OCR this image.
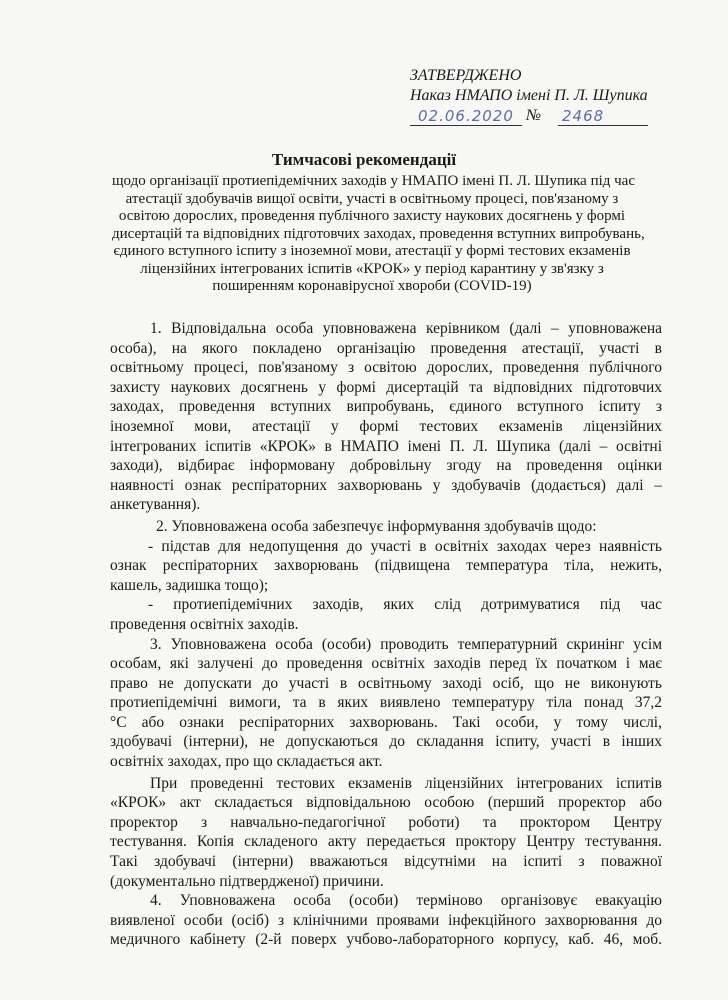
ЗАТВЕРДЖЕНО
Наказ НМАПО імені П. Л. Шупика
02.06.2020 № 2468
Тимчасові рекомендації
щодо організації протиепідемічних заходів у НМАПО імені П. Л. Шупика під час
атестації здобувачів вищої освіти, участі в освітньому процесі, пов'язаному з
освітою дорослих, проведення публічного захисту наукових досягнень у формі
дисертацій та відповідних підготовчих заходах, проведення вступних випробувань,
єдиного вступного іспиту з іноземної мови, атестації у формі тестових екзаменів
ліцензійних інтегрованих іспитів «КРОК» у період карантину у зв'язку з
поширенням коронавірусної хвороби (COVID-19)
1. Відповідальна особа уповноважена керівником (далі – уповноважена
особа), на якого покладено організацію проведення атестації, участі в
освітньому процесі, пов'язаному з освітою дорослих, проведення публічного
захисту наукових досягнень у формі дисертацій та відповідних підготовчих
заходах, проведення вступних випробувань, єдиного вступного іспиту з
іноземної мови, атестації у формі тестових екзаменів ліцензійних
інтегрованих іспитів «КРОК» в НМАПО імені П. Л. Шупика (далі – освітні
заходи), відбирає інформовану добровільну згоду на проведення оцінки
наявності ознак респіраторних захворювань у здобувачів (додається) далі –
анкетування).
2. Уповноважена особа забезпечує інформування здобувачів щодо:
- підстав для недопущення до участі в освітніх заходах через наявність
ознак респіраторних захворювань (підвищена температура тіла, нежить,
кашель, задишка тощо);
- протиепідемічних заходів, яких слід дотримуватися під час
проведення освітніх заходів.
3. Уповноважена особа (особи) проводить температурний скринінг усім
особам, які залучені до проведення освітніх заходів перед їх початком і має
право не допускати до участі в освітньому заході осіб, що не виконують
протиепідемічні вимоги, та в якиx виявлено температуру тіла понад 37,2
°С або ознаки респіраторних захворювань. Такі особи, у тому числі,
здобувачі (інтерни), не допускаються до складання іспиту, участі в інших
освітніх заходах, про що складається акт.
При проведенні тестових екзаменів ліцензійних інтегрованих іспитів
«КРОК» акт складається відповідальною особою (перший проректор або
проректор з навчально-педагогічної роботи) та проктором Центру
тестування. Копія складеного акту передається проктору Центру тестування.
Такі здобувачі (інтерни) вважаються відсутніми на іспиті з поважної
(документально підтвердженої) причини.
4. Уповноважена особа (особи) терміново організовує евакуацію
виявленої особи (осіб) з клінічними проявами інфекційного захворювання до
медичного кабінету (2-й поверх учбово-лабораторного корпусу, каб. 46, моб.
